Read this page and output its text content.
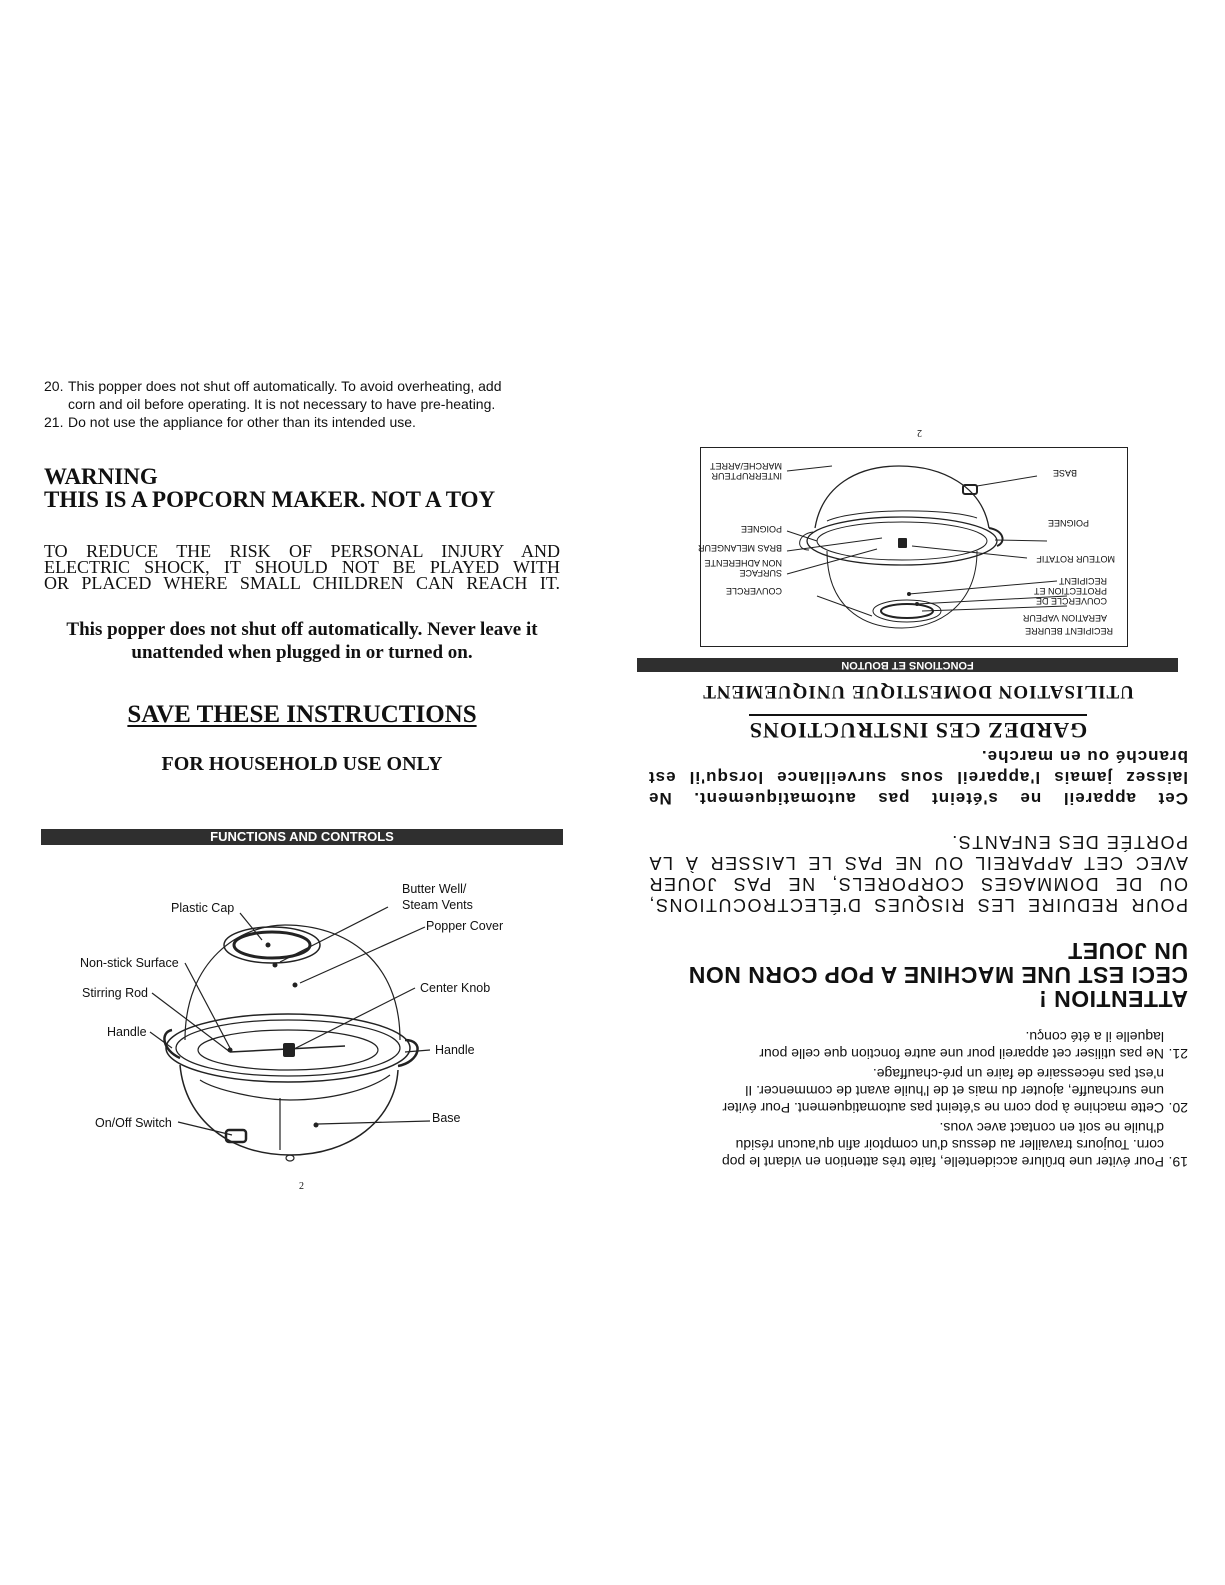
20. This popper does not shut off automatically. To avoid overheating, add
corn and oil before operating. It is not necessary to have pre-heating.
21. Do not use the appliance for other than its intended use.
WARNING
THIS IS A POPCORN MAKER. NOT A TOY
TO REDUCE THE RISK OF PERSONAL INJURY AND
ELECTRIC SHOCK, IT SHOULD NOT BE PLAYED WITH
OR PLACED WHERE SMALL CHILDREN CAN REACH IT.
This popper does not shut off automatically. Never leave it
unattended when plugged in or turned on.
SAVE THESE INSTRUCTIONS
FOR HOUSEHOLD USE ONLY
FUNCTIONS AND CONTROLS
Butter Well/
Steam Vents
Plastic Cap
Popper Cover
Non-stick Surface
Stirring Rod	Center Knob
Handle
Handle
On/Off Switch	Base
2
19.
Pour éviter une brûlure accidentelle, faite très attention en vidant le pop
corn. Toujours travailler au dessus d'un comptoir afin qu'aucun résidu
d'huile ne soit en contact avec vous.
20.
Cette machine à pop corn ne s'éteint pas automatiquement. Pour éviter
une surchauffe, ajouter du mais et de l'huile avant de commencer. Il
n'est pas nécessaire de faire un pré-chauffage.
21.
Ne pas utiliser cet appareil pour une autre fonction que celle pour
laquelle il a été conçu.
ATTENTION !
CECI EST UNE MACHINE A POP CORN NON
UN JOUET
POUR REDUIRE LES RISQUES D'ÉLECTROCUTIONS,
OU DE DOMMAGES CORPORELS, NE PAS JOUER
AVEC CET APPAREIL OU NE PAS LE LAISSER À LA
PORTÉE DES ENFANTS.
Cet appareil ne s'éteint pas automatiquement. Ne
laissez jamais l'appareil sous surveillance lorsqu'il est
branché ou en marche.
GARDEZ CES INSTRUCTIONS
UTILISATION DOMESTIQUE UNIQUEMENT
FONCTIONS ET BOUTON
RECIPIENT BEURRE
AERATION VAPEUR
COUVERCLE DE
PROTECTION ET
RECIPIENT
MOTEUR ROTATIF
POIGNEE
BASE
COUVERCLE
SURFACE
NON ADHERENTE
BRAS MELANGEUR
POIGNEE
INTERRUPTEUR
MARCHE/ARRET
2
